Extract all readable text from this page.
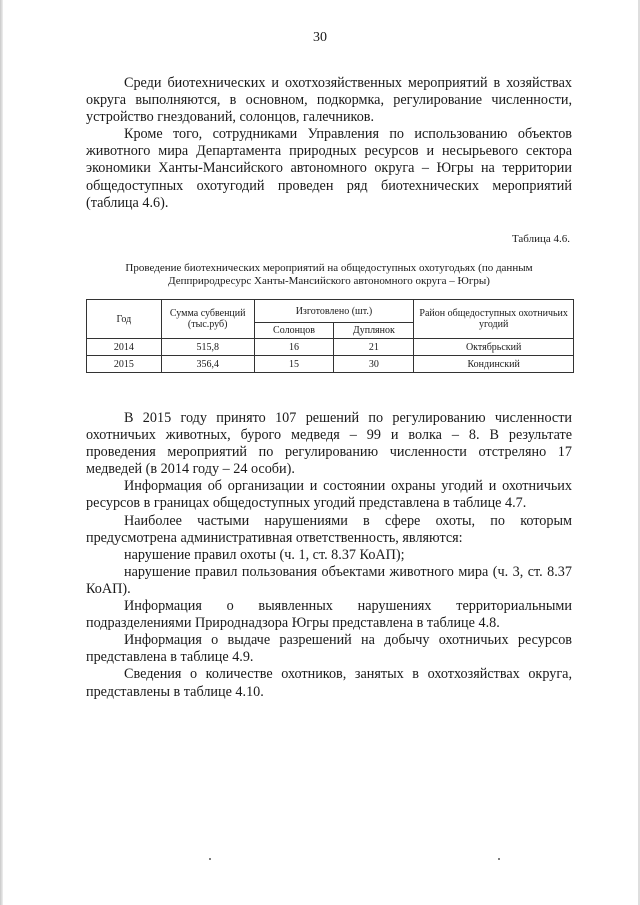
30

Среди биотехнических и охотхозяйственных мероприятий в хозяйствах округа выполняются, в основном, подкормка, регулирование численности, устройство гнездований, солонцов, галечников.

Кроме того, сотрудниками Управления по использованию объектов животного мира Департамента природных ресурсов и несырьевого сектора экономики Ханты-Мансийского автономного округа – Югры на территории общедоступных охотугодий проведен ряд биотехнических мероприятий (таблица 4.6).

Таблица 4.6.
Проведение биотехнических мероприятий на общедоступных охотугодьях (по данным Депприродресурс Ханты-Мансийского автономного округа – Югры)
Год	Сумма субвенций (тыс.руб)	Изготовлено (шт.)		Район общедоступных охотничьих угодий
		Солонцов	Дуплянок	
2014	515,8	16	21	Октябрьский
2015	356,4	15	30	Кондинский

В 2015 году принято 107 решений по регулированию численности охотничьих животных, бурого медведя – 99 и волка – 8. В результате проведения мероприятий по регулированию численности отстреляно 17 медведей (в 2014 году – 24 особи).

Информация об организации и состоянии охраны угодий и охотничьих ресурсов в границах общедоступных угодий представлена в таблице 4.7.

Наиболее частыми нарушениями в сфере охоты, по которым предусмотрена административная ответственность, являются:

нарушение правил охоты (ч. 1, ст. 8.37 КоАП);

нарушение правил пользования объектами животного мира (ч. 3, ст. 8.37 КоАП).

Информация о выявленных нарушениях территориальными подразделениями Природнадзора Югры представлена в таблице 4.8.

Информация о выдаче разрешений на добычу охотничьих ресурсов представлена в таблице 4.9.

Сведения о количестве охотников, занятых в охотхозяйствах округа, представлены в таблице 4.10.
